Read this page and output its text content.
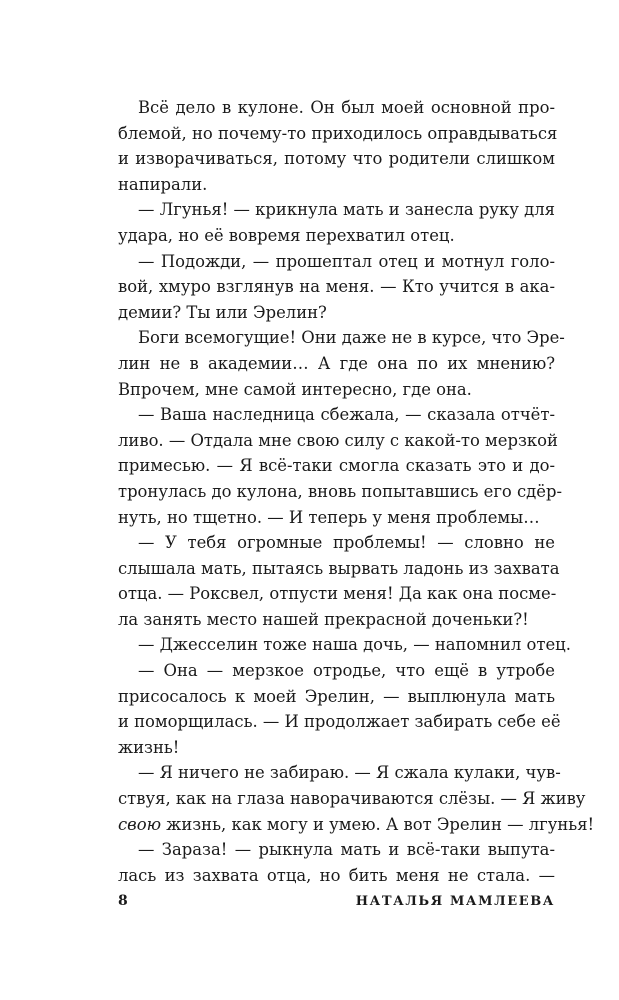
Всё дело в кулоне. Он был моей основной про-
блемой, но почему-то приходилось оправдываться
и изворачиваться, потому что родители слишком
напирали.
— Лгунья! — крикнула мать и занесла руку для
удара, но её вовремя перехватил отец.
— Подожди, — прошептал отец и мотнул голо-
вой, хмуро взглянув на меня. — Кто учится в ака-
демии? Ты или Эрелин?
Боги всемогущие! Они даже не в курсе, что Эре-
лин не в академии… А где она по их мнению?
Впрочем, мне самой интересно, где она.
— Ваша наследница сбежала, — сказала отчёт-
ливо. — Отдала мне свою силу с какой-то мерзкой
примесью. — Я всё-таки смогла сказать это и до-
тронулась до кулона, вновь попытавшись его сдёр-
нуть, но тщетно. — И теперь у меня проблемы…
— У тебя огромные проблемы! — словно не
слышала мать, пытаясь вырвать ладонь из захвата
отца. — Роксвел, отпусти меня! Да как она посме-
ла занять место нашей прекрасной доченьки?!
— Джесселин тоже наша дочь, — напомнил отец.
— Она — мерзкое отродье, что ещё в утробе
присосалось к моей Эрелин, — выплюнула мать
и поморщилась. — И продолжает забирать себе её
жизнь!
— Я ничего не забираю. — Я сжала кулаки, чув-
ствуя, как на глаза наворачиваются слёзы. — Я живу
свою жизнь, как могу и умею. А вот Эрелин — лгунья!
— Зараза! — рыкнула мать и всё-таки выпута-
лась из захвата отца, но бить меня не стала. —
8	НАТАЛЬЯ МАМЛЕЕВА
